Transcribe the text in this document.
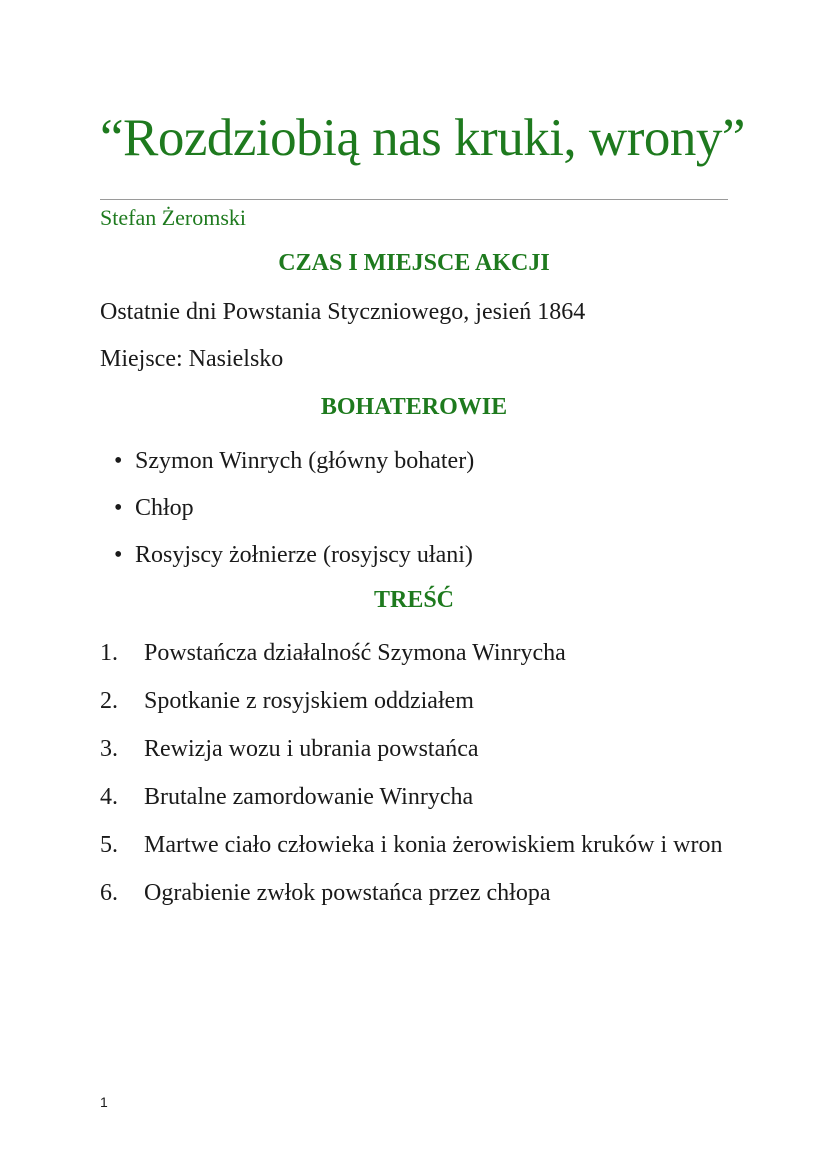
“Rozdziobią nas kruki, wrony”
Stefan Żeromski
CZAS I MIEJSCE AKCJI

Ostatnie dni Powstania Styczniowego, jesień 1864

Miejsce: Nasielsko

BOHATEROWIE
• Szymon Winrych (główny bohater)
• Chłop
• Rosyjscy żołnierze (rosyjscy ułani)
TREŚĆ
1.	Powstańcza działalność Szymona Winrycha
2.	Spotkanie z rosyjskiem oddziałem
3.	Rewizja wozu i ubrania powstańca
4.	Brutalne zamordowanie Winrycha
5.	Martwe ciało człowieka i konia żerowiskiem kruków i wron
6.	Ograbienie zwłok powstańca przez chłopa
1
